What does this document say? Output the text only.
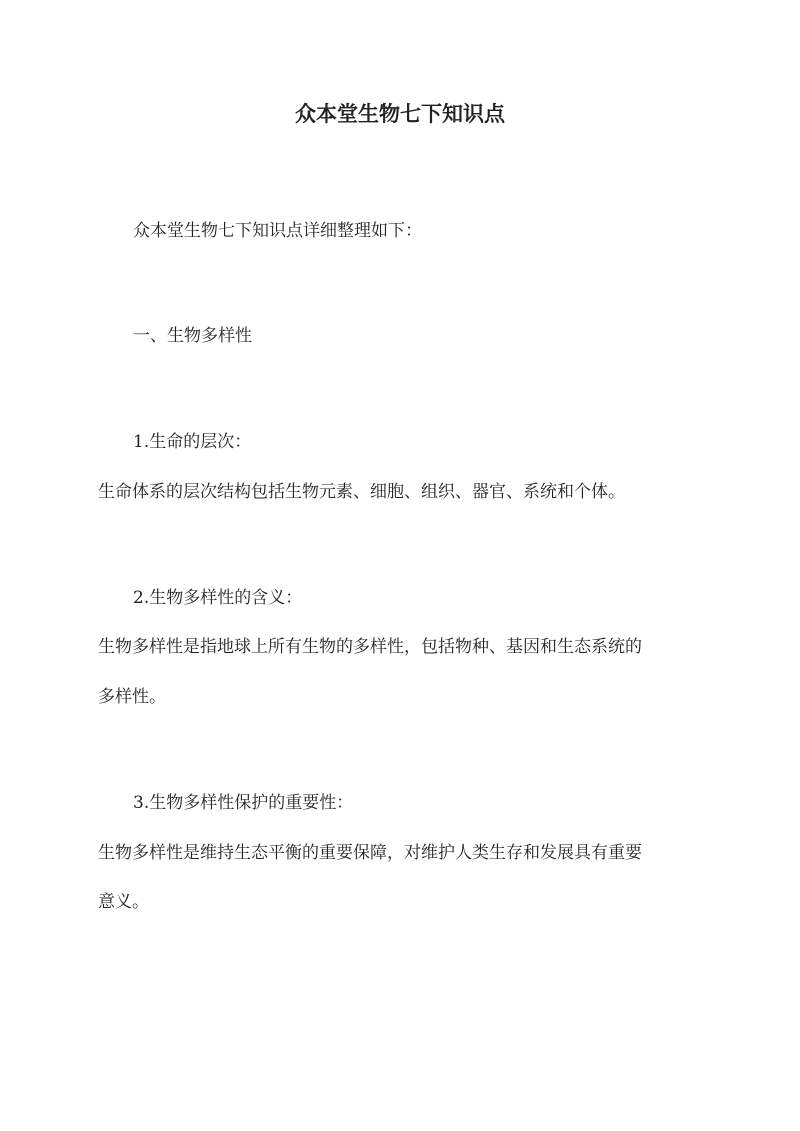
众本堂生物七下知识点
众本堂生物七下知识点详细整理如下：
一、生物多样性
1.生命的层次：
生命体系的层次结构包括生物元素、细胞、组织、器官、系统和个体。
2.生物多样性的含义：
生物多样性是指地球上所有生物的多样性，包括物种、基因和生态系统的
多样性。
3.生物多样性保护的重要性：
生物多样性是维持生态平衡的重要保障，对维护人类生存和发展具有重要
意义。
